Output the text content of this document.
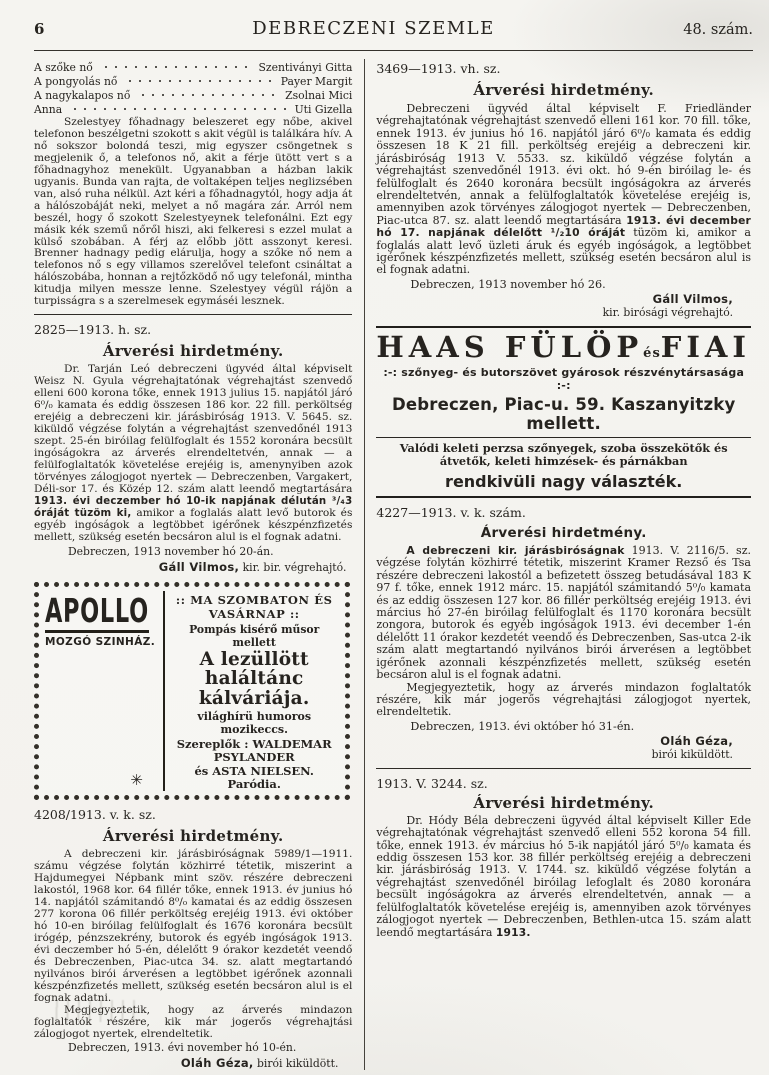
6	DEBRECZENI SZEMLE	48. szám.
A szőke nő	Szentiványi Gitta
A pongyolás nő	Payer Margit
A nagykalapos nő	Zsolnai Mici
Anna	Uti Gizella

Szelestyey főhadnagy beleszeret egy nőbe, akivel telefonon beszélgetni szokott s akit végül is találkára hív. A nő sokszor bolondá teszi, mig egyszer csöngetnek s megjelenik ő, a telefonos nő, akit a férje ütött vert s a főhadnagyhoz menekült. Ugyanabban a házban lakik ugyanis. Bunda van rajta, de voltaképen teljes neglizsében van, alsó ruha nélkül. Azt kéri a főhadnagytól, hogy adja át a hálószobáját neki, melyet a nő magára zár. Arról nem beszél, hogy ő szokott Szelestyeynek telefonálni. Ezt egy másik kék szemű nőről hiszi, aki felkeresi s ezzel mulat a külső szobában. A férj az előbb jött asszonyt keresi. Brenner hadnagy pedig elárulja, hogy a szőke nő nem a telefonos nő s egy villamos szerelővel telefont csináltat a hálószobába, honnan a rejtőzködő nő ugy telefonál, mintha kitudja milyen messze lenne. Szelestyey végül rájön a turpisságra s a szerelmesek egymáséi lesznek.

2825—1913. h. sz.

Árverési hirdetmény.

Dr. Tarján Leó debreczeni ügyvéd által képviselt Weisz N. Gyula végrehajtatónak végrehajtást szenvedő elleni 600 korona tőke, ennek 1913 julius 15. napjától járó 6⁰/₀ kamata és eddig összesen 186 kor. 22 fill. perköltség erejéig a debreczeni kir. járásbiróság 1913. V. 5645. sz. kiküldő végzése folytán a végrehajtást szenvedőnél 1913 szept. 25-én biróilag felülfoglalt és 1552 koronára becsült ingóságokra az árverés elrendeltetvén, annak — a felülfoglaltatók követelése erejéig is, amenynyiben azok törvényes zálogjogot nyertek — Debreczenben, Vargakert, Déli-sor 17. és Közép 12. szám alatt leendő megtartására 1913. évi deczember hó 10-ik napjának délután ³/₄3 óráját tüzöm ki, amikor a foglalás alatt levő butorok és egyéb ingóságok a legtöbbet igérőnek készpénzfizetés mellett, szükség esetén becsáron alul is el fognak adatni.

Debreczen, 1913 november hó 20-án.

Gáll Vilmos, kir. bir. végrehajtó.

APOLLO
MOZGÓ SZINHÁZ.
✳
:: MA SZOMBATON ÉS VASÁRNAP ::
Pompás kisérő műsor mellett
A lezüllött haláltánc kálváriája.
világhírü humoros mozikeccs.
Szereplők : WALDEMAR PSYLANDER
és ASTA NIELSEN. Paródia.

4208/1913. v. k. sz.

Árverési hirdetmény.

A debreczeni kir. járásbiróságnak 5989/1—1911. számu végzése folytán közhirré tétetik, miszerint a Hajdumegyei Népbank mint szöv. részére debreczeni lakostól, 1968 kor. 64 fillér tőke, ennek 1913. év junius hó 14. napjától számitandó 8⁰/₀ kamatai és az eddig összesen 277 korona 06 fillér perköltség erejéig 1913. évi október hó 10-en biróilag felülfoglalt és 1676 koronára becsült irógép, pénzszekrény, butorok és egyéb ingóságok 1913. évi deczember hó 5-én, délelőtt 9 órakor kezdetét veendő és Debreczenben, Piac-utca 34. sz. alatt megtartandó nyilvános birói árverésen a legtöbbet igérőnek azonnali készpénzfizetés mellett, szükség esetén becsáron alul is el fognak adatni.

Megjegyeztetik, hogy az árverés mindazon foglaltatók részére, kik már jogerős végrehajtási zálogjogot nyertek, elrendeltetik.

Debreczen, 1913. évi november hó 10-én.

Oláh Géza, birói kiküldött.

3469—1913. vh. sz.

Árverési hirdetmény.

Debreczeni ügyvéd által képviselt F. Friedländer végrehajtatónak végrehajtást szenvedő elleni 161 kor. 70 fill. tőke, ennek 1913. év junius hó 16. napjától járó 6⁰/₀ kamata és eddig összesen 18 K 21 fill. perköltség erejéig a debreczeni kir. járásbiróság 1913 V. 5533. sz. kiküldő végzése folytán a végrehajtást szenvedőnél 1913. évi okt. hó 9-én biróilag le- és felülfoglalt és 2640 koronára becsült ingóságokra az árverés elrendeltetvén, annak a felülfoglaltatók követelése erejéig is, amennyiben azok törvényes zálogjogot nyertek — Debreczenben, Piac-utca 87. sz. alatt leendő megtartására 1913. évi december hó 17. napjának délelőtt ¹/₂10 óráját tüzöm ki, amikor a foglalás alatt levő üzleti áruk és egyéb ingóságok, a legtöbbet igérőnek készpénzfizetés mellett, szükség esetén becsáron alul is el fognak adatni.

Debreczen, 1913 november hó 26.

Gáll Vilmos,
kir. birósági végrehajtó.

HAAS FÜLÖPésFIAI
:-: szőnyeg- és butorszövet gyárosok részvénytársasága :-:
Debreczen, Piac-u. 59. Kaszanyitzky mellett.
Valódi keleti perzsa szőnyegek, szoba összekötők és átvetők, keleti himzések- és párnákban
rendkivüli nagy választék.

4227—1913. v. k. szám.

Árverési hirdetmény.

A debreczeni kir. járásbiróságnak 1913. V. 2116/5. sz. végzése folytán közhirré tétetik, miszerint Kramer Rezső és Tsa részére debreczeni lakostól a befizetett összeg betudásával 183 K 97 f. tőke, ennek 1912 márc. 15. napjától számitandó 5⁰/₀ kamata és az eddig összesen 127 kor. 86 fillér perköltség erejéig 1913. évi március hó 27-én biróilag felülfoglalt és 1170 koronára becsült zongora, butorok és egyéb ingóságok 1913. évi december 1-én délelőtt 11 órakor kezdetét veendő és Debreczenben, Sas-utca 2-ik szám alatt megtartandó nyilvános birói árverésen a legtöbbet igérőnek azonnali készpénzfizetés mellett, szükség esetén becsáron alul is el fognak adatni.

Megjegyeztetik, hogy az árverés mindazon foglaltatók részére, kik már jogerős végrehajtási zálogjogot nyertek, elrendeltetik.

Debreczen, 1913. évi október hó 31-én.

Oláh Géza,
birói kiküldött.

1913. V. 3244. sz.

Árverési hirdetmény.

Dr. Hódy Béla debreczeni ügyvéd által képviselt Killer Ede végrehajtatónak végrehajtást szenvedő elleni 552 korona 54 fill. tőke, ennek 1913. év március hó 5-ik napjától járó 5⁰/₀ kamata és eddig összesen 153 kor. 38 fillér perköltség erejéig a debreczeni kir. járásbiróság 1913. V. 1744. sz. kiküldő végzése folytán a végrehajtást szenvedőnél biróilag lefoglalt és 2080 koronára becsült ingóságokra az árverés elrendeltetvén, annak — a felülfoglaltatók követelése erejéig is, amennyiben azok törvényes zálogjogot nyertek — Debreczenben, Bethlen-utca 15. szám alatt leendő megtartására 1913.
